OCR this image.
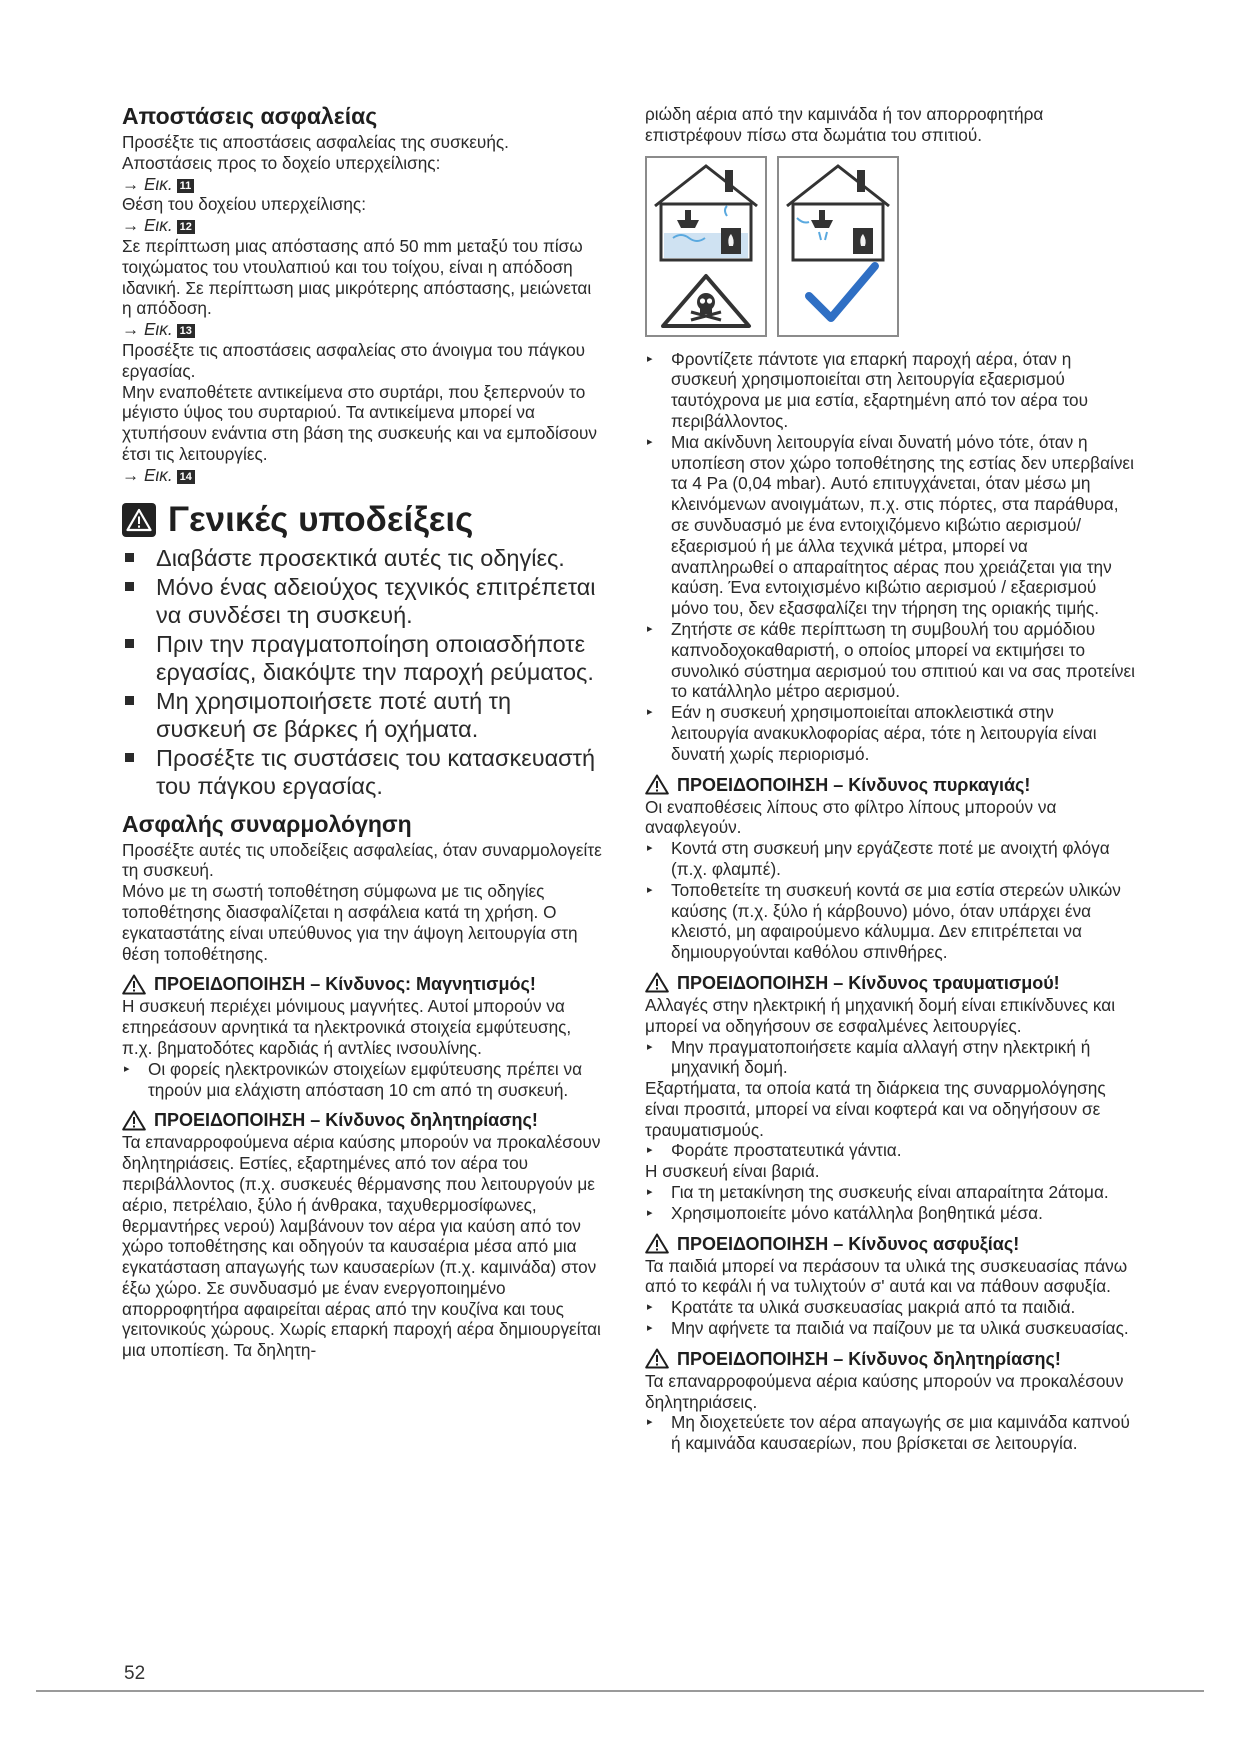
Αποστάσεις ασφαλείας

Προσέξτε τις αποστάσεις ασφαλείας της συσκευής.

Αποστάσεις προς το δοχείο υπερχείλισης:

→ Εικ. 11

Θέση του δοχείου υπερχείλισης:

→ Εικ. 12

Σε περίπτωση μιας απόστασης από 50 mm μεταξύ του πίσω τοιχώματος του ντουλαπιού και του τοίχου, είναι η απόδοση ιδανική. Σε περίπτωση μιας μικρότερης απόστασης, μειώνεται η απόδοση.

→ Εικ. 13

Προσέξτε τις αποστάσεις ασφαλείας στο άνοιγμα του πάγκου εργασίας.

Μην εναποθέτετε αντικείμενα στο συρτάρι, που ξεπερνούν το μέγιστο ύψος του συρταριού. Τα αντικείμενα μπορεί να χτυπήσουν ενάντια στη βάση της συσκευής και να εμποδίσουν έτσι τις λειτουργίες.

→ Εικ. 14

Γενικές υποδείξεις
Διαβάστε προσεκτικά αυτές τις οδηγίες.
Μόνο ένας αδειούχος τεχνικός επιτρέπεται να συνδέσει τη συσκευή.
Πριν την πραγματοποίηση οποιασδήποτε εργασίας, διακόψτε την παροχή ρεύματος.
Μη χρησιμοποιήσετε ποτέ αυτή τη συσκευή σε βάρκες ή οχήματα.
Προσέξτε τις συστάσεις του κατασκευαστή του πάγκου εργασίας.
Ασφαλής συναρμολόγηση

Προσέξτε αυτές τις υποδείξεις ασφαλείας, όταν συναρμολογείτε τη συσκευή.

Μόνο με τη σωστή τοποθέτηση σύμφωνα με τις οδηγίες τοποθέτησης διασφαλίζεται η ασφάλεια κατά τη χρήση. Ο εγκαταστάτης είναι υπεύθυνος για την άψογη λειτουργία στη θέση τοποθέτησης.

ΠΡΟΕΙΔΟΠΟΙΗΣΗ – Κίνδυνος: Μαγνητισμός!

Η συσκευή περιέχει μόνιμους μαγνήτες. Αυτοί μπορούν να επηρεάσουν αρνητικά τα ηλεκτρονικά στοιχεία εμφύτευσης, π.χ. βηματοδότες καρδιάς ή αντλίες ινσουλίνης.

▸ Οι φορείς ηλεκτρονικών στοιχείων εμφύτευσης πρέπει να τηρούν μια ελάχιστη απόσταση 10 cm από τη συσκευή.
ΠΡΟΕΙΔΟΠΟΙΗΣΗ – Κίνδυνος δηλητηρίασης!

Τα επαναρροφούμενα αέρια καύσης μπορούν να προκαλέσουν δηλητηριάσεις. Εστίες, εξαρτημένες από τον αέρα του περιβάλλοντος (π.χ. συσκευές θέρμανσης που λειτουργούν με αέριο, πετρέλαιο, ξύλο ή άνθρακα, ταχυθερμοσίφωνες, θερμαντήρες νερού) λαμβάνουν τον αέρα για καύση από τον χώρο τοποθέτησης και οδηγούν τα καυσαέρια μέσα από μια εγκατάσταση απαγωγής των καυσαερίων (π.χ. καμινάδα) στον έξω χώρο. Σε συνδυασμό με έναν ενεργοποιημένο απορροφητήρα αφαιρείται αέρας από την κουζίνα και τους γειτονικούς χώρους. Χωρίς επαρκή παροχή αέρα δημιουργείται μια υποπίεση. Τα δηλητη-

ριώδη αέρια από την καμινάδα ή τον απορροφητήρα επιστρέφουν πίσω στα δωμάτια του σπιτιού.

▸ Φροντίζετε πάντοτε για επαρκή παροχή αέρα, όταν η συσκευή χρησιμοποιείται στη λειτουργία εξαερισμού ταυτόχρονα με μια εστία, εξαρτημένη από τον αέρα του περιβάλλοντος.
▸ Μια ακίνδυνη λειτουργία είναι δυνατή μόνο τότε, όταν η υποπίεση στον χώρο τοποθέτησης της εστίας δεν υπερβαίνει τα 4 Pa (0,04 mbar). Αυτό επιτυγχάνεται, όταν μέσω μη κλεινόμενων ανοιγμάτων, π.χ. στις πόρτες, στα παράθυρα, σε συνδυασμό με ένα εντοιχιζόμενο κιβώτιο αερισμού/εξαερισμού ή με άλλα τεχνικά μέτρα, μπορεί να αναπληρωθεί ο απαραίτητος αέρας που χρειάζεται για την καύση. Ένα εντοιχισμένο κιβώτιο αερισμού / εξαερισμού μόνο του, δεν εξασφαλίζει την τήρηση της οριακής τιμής.
▸ Ζητήστε σε κάθε περίπτωση τη συμβουλή του αρμόδιου καπνοδοχοκαθαριστή, ο οποίος μπορεί να εκτιμήσει το συνολικό σύστημα αερισμού του σπιτιού και να σας προτείνει το κατάλληλο μέτρο αερισμού.
▸ Εάν η συσκευή χρησιμοποιείται αποκλειστικά στην λειτουργία ανακυκλοφορίας αέρα, τότε η λειτουργία είναι δυνατή χωρίς περιορισμό.
ΠΡΟΕΙΔΟΠΟΙΗΣΗ – Κίνδυνος πυρκαγιάς!

Οι εναποθέσεις λίπους στο φίλτρο λίπους μπορούν να αναφλεγούν.

▸ Κοντά στη συσκευή μην εργάζεστε ποτέ με ανοιχτή φλόγα (π.χ. φλαμπέ).
▸ Τοποθετείτε τη συσκευή κοντά σε μια εστία στερεών υλικών καύσης (π.χ. ξύλο ή κάρβουνο) μόνο, όταν υπάρχει ένα κλειστό, μη αφαιρούμενο κάλυμμα. Δεν επιτρέπεται να δημιουργούνται καθόλου σπινθήρες.
ΠΡΟΕΙΔΟΠΟΙΗΣΗ – Κίνδυνος τραυματισμού!

Αλλαγές στην ηλεκτρική ή μηχανική δομή είναι επικίνδυνες και μπορεί να οδηγήσουν σε εσφαλμένες λειτουργίες.

▸ Μην πραγματοποιήσετε καμία αλλαγή στην ηλεκτρική ή μηχανική δομή.

Εξαρτήματα, τα οποία κατά τη διάρκεια της συναρμολόγησης είναι προσιτά, μπορεί να είναι κοφτερά και να οδηγήσουν σε τραυματισμούς.

▸ Φοράτε προστατευτικά γάντια.

Η συσκευή είναι βαριά.

▸ Για τη μετακίνηση της συσκευής είναι απαραίτητα 2άτομα.
▸ Χρησιμοποιείτε μόνο κατάλληλα βοηθητικά μέσα.
ΠΡΟΕΙΔΟΠΟΙΗΣΗ – Κίνδυνος ασφυξίας!

Τα παιδιά μπορεί να περάσουν τα υλικά της συσκευασίας πάνω από το κεφάλι ή να τυλιχτούν σ' αυτά και να πάθουν ασφυξία.

▸ Κρατάτε τα υλικά συσκευασίας μακριά από τα παιδιά.
▸ Μην αφήνετε τα παιδιά να παίζουν με τα υλικά συσκευασίας.
ΠΡΟΕΙΔΟΠΟΙΗΣΗ – Κίνδυνος δηλητηρίασης!

Τα επαναρροφούμενα αέρια καύσης μπορούν να προκαλέσουν δηλητηριάσεις.

▸ Μη διοχετεύετε τον αέρα απαγωγής σε μια καμινάδα καπνού ή καμινάδα καυσαερίων, που βρίσκεται σε λειτουργία.
52
